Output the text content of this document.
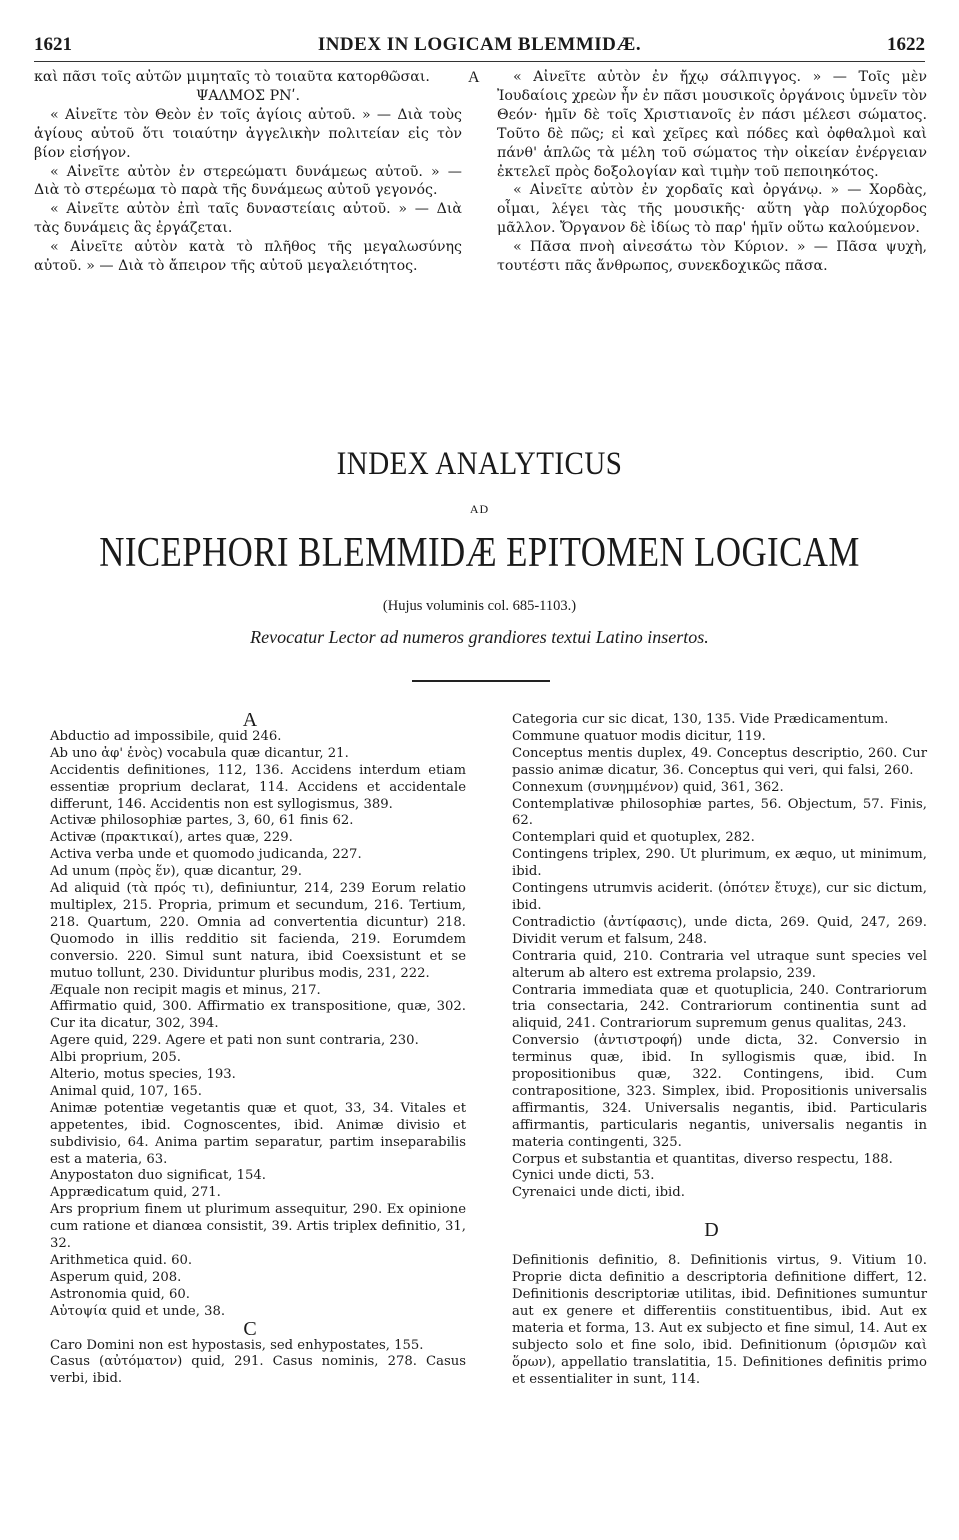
1621	INDEX IN LOGICAM BLEMMIDÆ.	1622

καὶ πᾶσι τοῖς αὐτῶν μιμηταῖς τὸ τοιαῦτα κατορθῶσαι.

ΨΑΛΜΟΣ ΡΝʹ.

« Αἰνεῖτε τὸν Θεὸν ἐν τοῖς ἁγίοις αὐτοῦ. » — Διὰ τοὺς ἁγίους αὐτοῦ ὅτι τοιαύτην ἀγγελικὴν πολιτείαν εἰς τὸν βίον εἰσήγον.

« Αἰνεῖτε αὐτὸν ἐν στερεώματι δυνάμεως αὐτοῦ. » — Διὰ τὸ στερέωμα τὸ παρὰ τῆς δυνάμεως αὐτοῦ γεγονός.

« Αἰνεῖτε αὐτὸν ἐπὶ ταῖς δυναστείαις αὐτοῦ. » — Διὰ τὰς δυνάμεις ἃς ἐργάζεται.

« Αἰνεῖτε αὐτὸν κατὰ τὸ πλῆθος τῆς μεγαλωσύνης αὐτοῦ. » — Διὰ τὸ ἄπειρον τῆς αὐτοῦ μεγαλειότητος.

A	« Αἰνεῖτε αὐτὸν ἐν ἤχῳ σάλπιγγος. » — Τοῖς μὲν Ἰουδαίοις χρεὼν ἦν ἐν πᾶσι μουσικοῖς ὀργάνοις ὑμνεῖν τὸν Θεόν· ἡμῖν δὲ τοῖς Χριστιανοῖς ἐν πάσι μέλεσι σώματος. Τοῦτο δὲ πῶς; εἰ καὶ χεῖρες καὶ πόδες καὶ ὀφθαλμοὶ καὶ πάνθ' ἁπλῶς τὰ μέλη τοῦ σώματος τὴν οἰκείαν ἐνέργειαν ἐκτελεῖ πρὸς δοξολογίαν καὶ τιμὴν τοῦ πεποιηκότος.

« Αἰνεῖτε αὐτὸν ἐν χορδαῖς καὶ ὀργάνῳ. » — Χορδὰς, οἶμαι, λέγει τὰς τῆς μουσικῆς· αὕτη γὰρ πολύχορδος μᾶλλον. Ὄργανον δὲ ἰδίως τὸ παρ' ἡμῖν οὕτω καλούμενον.

« Πᾶσα πνοὴ αἰνεσάτω τὸν Κύριον. » — Πᾶσα ψυχὴ, τουτέστι πᾶς ἄνθρωπος, συνεκδοχικῶς πᾶσα.

INDEX ANALYTICUS
AD
NICEPHORI BLEMMIDÆ EPITOMEN LOGICAM
(Hujus voluminis col. 685-1103.)
Revocatur Lector ad numeros grandiores textui Latino insertos.

A

Abductio ad impossibile, quid 246.

Ab uno ἀφ' ἑνὸς) vocabula quæ dicantur, 21.

Accidentis definitiones, 112, 136. Accidens interdum etiam essentiæ proprium declarat, 114. Accidens et accidentale differunt, 146. Accidentis non est syllogismus, 389.

Activæ philosophiæ partes, 3, 60, 61 finis 62.

Activæ (πρακτικαί), artes quæ, 229.

Activa verba unde et quomodo judicanda, 227.

Ad unum (πρὸς ἕν), quæ dicantur, 29.

Ad aliquid (τὰ πρός τι), definiuntur, 214, 239 Eorum relatio multiplex, 215. Propria, primum et secundum, 216. Tertium, 218. Quartum, 220. Omnia ad convertentia dicuntur) 218. Quomodo in illis redditio sit facienda, 219. Eorumdem conversio. 220. Simul sunt natura, ibid Coexsistunt et se mutuo tollunt, 230. Dividuntur pluribus modis, 231, 222.

Æquale non recipit magis et minus, 217.

Affirmatio quid, 300. Affirmatio ex transpositione, quæ, 302. Cur ita dicatur, 302, 394.

Agere quid, 229. Agere et pati non sunt contraria, 230.

Albi proprium, 205.

Alterio, motus species, 193.

Animal quid, 107, 165.

Animæ potentiæ vegetantis quæ et quot, 33, 34. Vitales et appetentes, ibid. Cognoscentes, ibid. Animæ divisio et subdivisio, 64. Anima partim separatur, partim inseparabilis est a materia, 63.

Anypostaton duo significat, 154.

Apprædicatum quid, 271.

Ars proprium finem ut plurimum assequitur, 290. Ex opinione cum ratione et dianœa consistit, 39. Artis triplex definitio, 31, 32.

Arithmetica quid. 60.

Asperum quid, 208.

Astronomia quid, 60.

Αὐτοψία quid et unde, 38.

C

Caro Domini non est hypostasis, sed enhypostates, 155.

Casus (αὐτόματον) quid, 291. Casus nominis, 278. Casus verbi, ibid.

Categoria cur sic dicat, 130, 135. Vide Prædicamentum.

Commune quatuor modis dicitur, 119.

Conceptus mentis duplex, 49. Conceptus descriptio, 260. Cur passio animæ dicatur, 36. Conceptus qui veri, qui falsi, 260.

Connexum (συνημμένον) quid, 361, 362.

Contemplativæ philosophiæ partes, 56. Objectum, 57. Finis, 62.

Contemplari quid et quotuplex, 282.

Contingens triplex, 290. Ut plurimum, ex æquo, ut minimum, ibid.

Contingens utrumvis aciderit. (ὁπότεν ἔτυχε), cur sic dictum, ibid.

Contradictio (ἀντίφασις), unde dicta, 269. Quid, 247, 269. Dividit verum et falsum, 248.

Contraria quid, 210. Contraria vel utraque sunt species vel alterum ab altero est extrema prolapsio, 239.

Contraria immediata quæ et quotuplicia, 240. Contrariorum tria consectaria, 242. Contrariorum continentia sunt ad aliquid, 241. Contrariorum supremum genus qualitas, 243.

Conversio (ἀντιστροφή) unde dicta, 32. Conversio in terminus quæ, ibid. In syllogismis quæ, ibid. In propositionibus quæ, 322. Contingens, ibid. Cum contrapositione, 323. Simplex, ibid. Propositionis universalis affirmantis, 324. Universalis negantis, ibid. Particularis affirmantis, particularis negantis, universalis negantis in materia contingenti, 325.

Corpus et substantia et quantitas, diverso respectu, 188.

Cynici unde dicti, 53.

Cyrenaici unde dicti, ibid.

D

Definitionis definitio, 8. Definitionis virtus, 9. Vitium 10. Proprie dicta definitio a descriptoria definitione differt, 12. Definitionis descriptoriæ utilitas, ibid. Definitiones sumuntur aut ex genere et differentiis constituentibus, ibid. Aut ex materia et forma, 13. Aut ex subjecto et fine simul, 14. Aut ex subjecto solo et fine solo, ibid. Definitionum (ὁρισμῶν καὶ ὅρων), appellatio translatitia, 15. Definitiones definitis primo et essentialiter in sunt, 114.
